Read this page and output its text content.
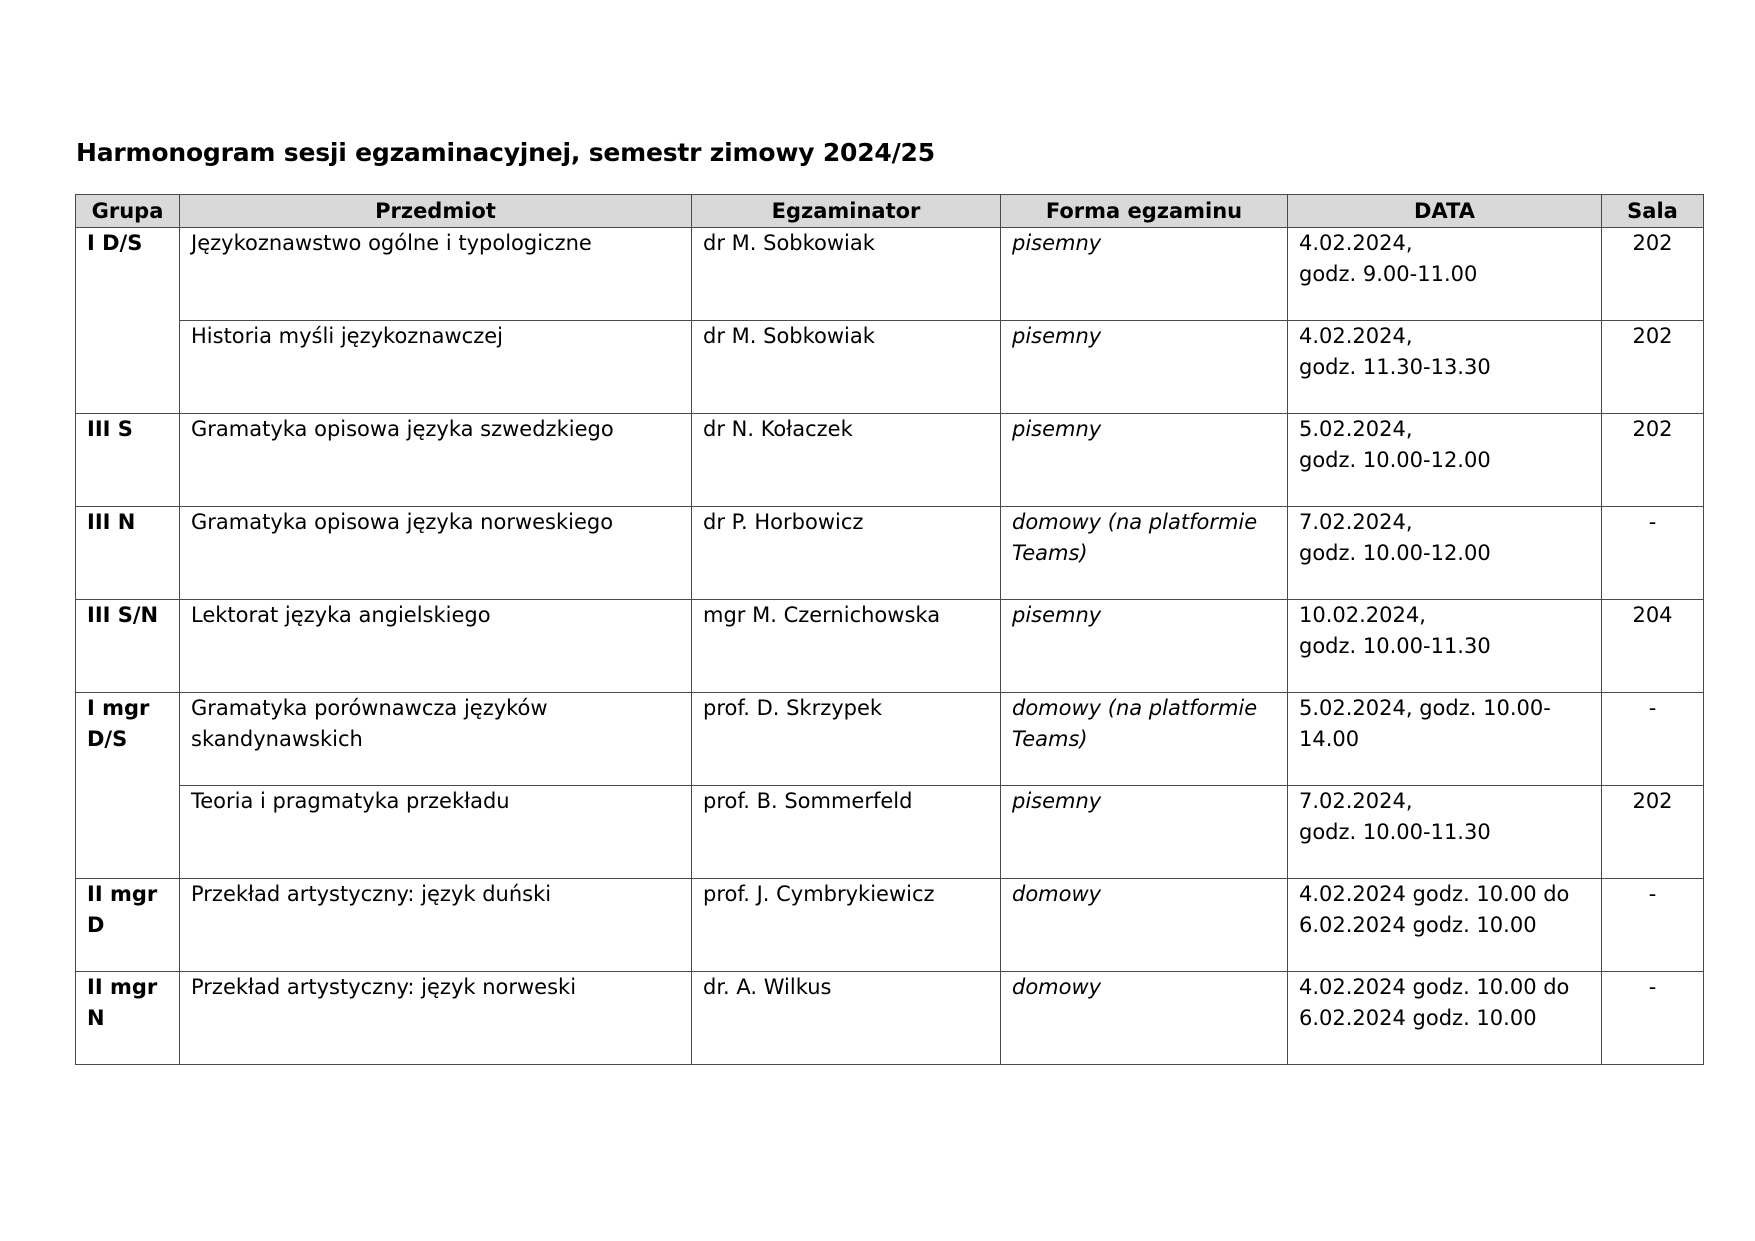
Harmonogram sesji egzaminacyjnej, semestr zimowy 2024/25
Grupa	Przedmiot	Egzaminator	Forma egzaminu	DATA	Sala

I D/S	Językoznawstwo ogólne i typologiczne	dr M. Sobkowiak	pisemny	4.02.2024,
godz. 9.00-11.00	202

	Historia myśli językoznawczej	dr M. Sobkowiak	pisemny	4.02.2024,
godz. 11.30-13.30	202

III S	Gramatyka opisowa języka szwedzkiego	dr N. Kołaczek	pisemny	5.02.2024,
godz. 10.00-12.00	202

III N	Gramatyka opisowa języka norweskiego	dr P. Horbowicz	domowy (na platformie
Teams)	7.02.2024,
godz. 10.00-12.00	-

III S/N	Lektorat języka angielskiego	mgr M. Czernichowska	pisemny	10.02.2024,
godz. 10.00-11.30	204

I mgr
D/S	Gramatyka porównawcza języków
skandynawskich	prof. D. Skrzypek	domowy (na platformie
Teams)	5.02.2024, godz. 10.00-
14.00	-

	Teoria i pragmatyka przekładu	prof. B. Sommerfeld	pisemny	7.02.2024,
godz. 10.00-11.30	202

II mgr
D	Przekład artystyczny: język duński	prof. J. Cymbrykiewicz	domowy	4.02.2024 godz. 10.00 do
6.02.2024 godz. 10.00	-

II mgr
N	Przekład artystyczny: język norweski	dr. A. Wilkus	domowy	4.02.2024 godz. 10.00 do
6.02.2024 godz. 10.00	-
